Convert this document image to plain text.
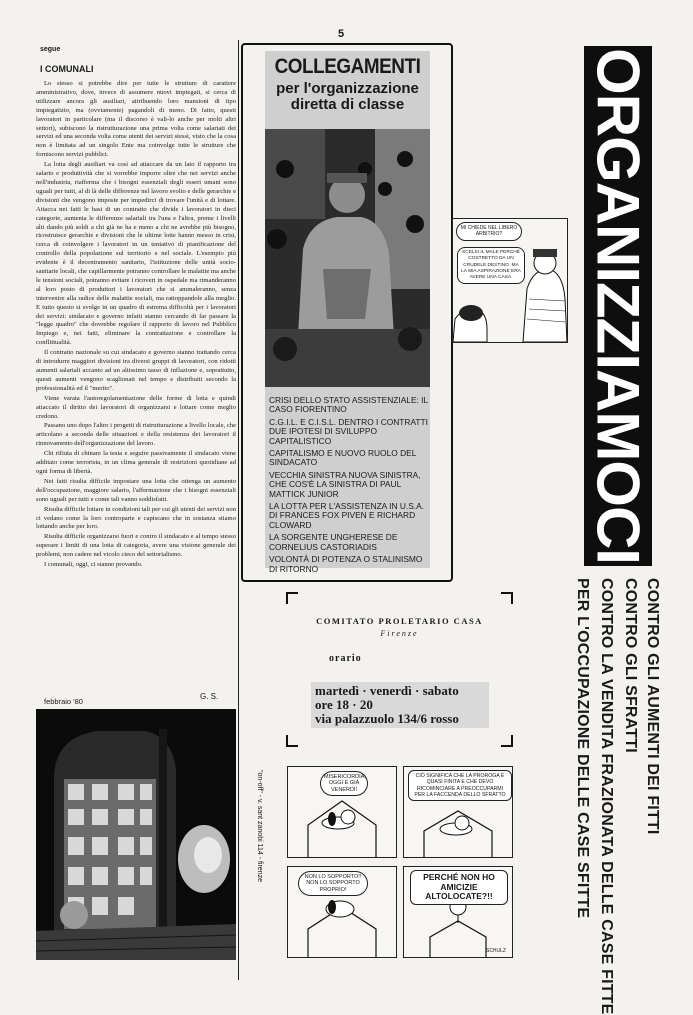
5
segue
I COMUNALI

Lo stesso si potrebbe dire per tutte le strutture di carattere amministrativo, dove, invece di assumere nuovi impiegati, si cerca di utilizzare ancora gli ausiliari, attribuendo loro mansioni di tipo impiegatizio, ma (ovviamente) pagandoli di meno. Di fatto, questi lavoratori in particolare (ma il discorso è vali-lo anche per molti altri settori), subiscono la ristrutturazione una prima volta come salariati dei servizi ed una seconda volta come utenti dei servizi stessi, visto che la cosa non è limitata ad un singolo Ente ma coinvolge tutte le strutture che forniscono servizi pubblici.

La lotta degli ausiliari va così ad attaccare da un lato il rapporto tra salario e produttività che si vorrebbe imporre oltre che nei servizi anche nell'industria, riafferma che i bisogni essenziali degli esseri umani sono uguali per tutti, al di là delle differenze nel lavoro svolto e delle gerarchie e divisioni che vengono imposte per impedirci di trovare l'unità e di lottare. Attacca nei fatti le basi di un contratto che divide i lavoratori in dieci categorie, aumenta le differenze salariali tra l'una e l'altra, preme i livelli alti dando più soldi a chi già ne ha e meno a chi ne avrebbe più bisogno, ricostruisce gerarchie e divisioni che le ultime lotte hanno messo in crisi, cerca di coinvolgere i lavoratori in un tentativo di pianificazione del controllo della popolazione sul territorio e nel sociale. L'esempio più evidente è il decentramento sanitario, l'istituzione delle unità socio-sanitarie locali, che capillarmente potranno controllare le malattie ma anche le tensioni sociali, potranno evitare i ricoveri in ospedale ma rimanderanno al loro posto di produttori i lavoratori che si ammaleranno, senza intervenire alla radice delle malattie sociali, ma rattoppandole alla meglio. E tutto questo si svolge in un quadro di estrema difficoltà per i lavoratori dei servizi: sindacato e governo infatti stanno cercando di far passare la "legge quadro" che dovrebbe regolare il rapporto di lavoro nel Pubblico Impiego e, nei fatti, eliminare la contrattazione e controllare la conflittualità.

Il contratto nazionale su cui sindacato e governo stanno trattando cerca di introdurre maggiori divisioni tra diversi gruppi di lavoratori, con ridotti aumenti salariali accanto ad un altissimo tasso di inflazione e, soprattutto, questi aumenti vengono scaglionati nel tempo e distribuiti secondo la professionalità ed il "merito".

Viene varata l'autoregolamentazione delle forme di lotta e quindi attaccato il diritto dei lavoratori di organizzarsi e lottare come meglio credono.

Passano uno dopo l'altro i progetti di ristrutturazione a livello locale, che articolano a seconda delle situazioni e della resistenza dei lavoratori il rinnovamento dell'organizzazione del lavoro.

Chi rifiuta di chinare la testa e seguire passivamente il sindacato viene additato come terrorista, in un clima generale di restrizioni quotidiane ad ogni forma di libertà.

Nei fatti risulta difficile impostare una lotta che ottenga un aumento dell'occupazione, maggiore salario, l'affermazione che i bisogni essenziali sono uguali per tutti e come tali vanno soddisfatti.

Risulta difficile lottare in condizioni tali per cui gli utenti dei servizi non ci vedano come la loro controparte e capiscano che in sostanza stiamo lottando anche per loro.

Risulta difficile organizzarsi fuori e contro il sindacato e al tempo stesso superare i limiti di una lotta di categoria, avere una visione generale dei problemi, non cadere nel vicolo cieco del settorialismo.

I comunali, oggi, ci stanno provando.

G. S.
febbraio '80
COLLEGAMENTI
per l'organizzazione
diretta di classe
CRISI DELLO STATO ASSISTENZIALE: IL CASO FIORENTINO
C.G.I.L. E C.I.S.L. DENTRO I CONTRATTI DUE IPOTESI DI SVILUPPO CAPITALISTICO
CAPITALISMO E NUOVO RUOLO DEL SINDACATO
VECCHIA SINISTRA NUOVA SINISTRA, CHE COS'È LA SINISTRA DI PAUL MATTICK JUNIOR
LA LOTTA PER L'ASSISTENZA IN U.S.A. DI FRANCES FOX PIVEN E RICHARD CLOWARD
LA SORGENTE UNGHERESE DE CORNELIUS CASTORIADIS
VOLONTÀ DI POTENZA O STALINISMO DI RITORNO
ORGANIZZIAMOCI
MI CHIEDE NEL LIBERO ARBITRIO?
SCELSI IL MALE PERCHÉ COSTRETTO DA UN CRUDELE DESTINO. MA LA MIA ASPIRAZIONE ERA AVERE UNA CASA.
CONTRO GLI AUMENTI DEI FITTI
CONTRO GLI SFRATTI
CONTRO LA VENDITA FRAZIONATA DELLE CASE FITTE
PER L'OCCUPAZIONE DELLE CASE SFITTE
COMITATO PROLETARIO CASA
Firenze
orario
martedì · venerdì · sabato
ore 18 · 20
via palazzuolo 134/6 rosso
"on-off" - v. sant zanobi 114 - firenze	MISERICORDIA, OGGI È GIÀ VENERDÌ!
CIÒ SIGNIFICA CHE LA PROROGA È QUASI FINITA E CHE DEVO RICOMINCIARE A PREOCCUPARMI PER LA FACCENDA DELLO SFRATTO
NON LO SOPPORTO!! NON LO SOPPORTO PROPRIO!
PERCHÉ NON HO AMICIZIE ALTOLOCATE?!!
SCHULZ
